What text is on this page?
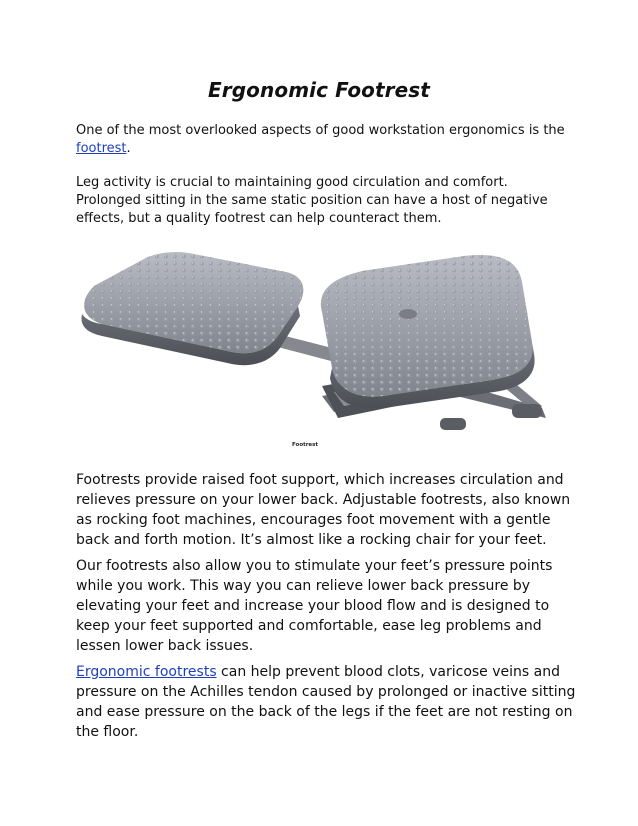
Ergonomic Footrest

One of the most overlooked aspects of good workstation ergonomics is the footrest.

Leg activity is crucial to maintaining good circulation and comfort. Prolonged sitting in the same static position can have a host of negative effects, but a quality footrest can help counteract them.

Footrest

Footrests provide raised foot support, which increases circulation and relieves pressure on your lower back. Adjustable footrests, also known as rocking foot machines, encourages foot movement with a gentle back and forth motion. It’s almost like a rocking chair for your feet.

Our footrests also allow you to stimulate your feet’s pressure points while you work. This way you can relieve lower back pressure by elevating your feet and increase your blood flow and is designed to keep your feet supported and comfortable, ease leg problems and lessen lower back issues.

Ergonomic footrests can help prevent blood clots, varicose veins and pressure on the Achilles tendon caused by prolonged or inactive sitting and ease pressure on the back of the legs if the feet are not resting on the floor.
